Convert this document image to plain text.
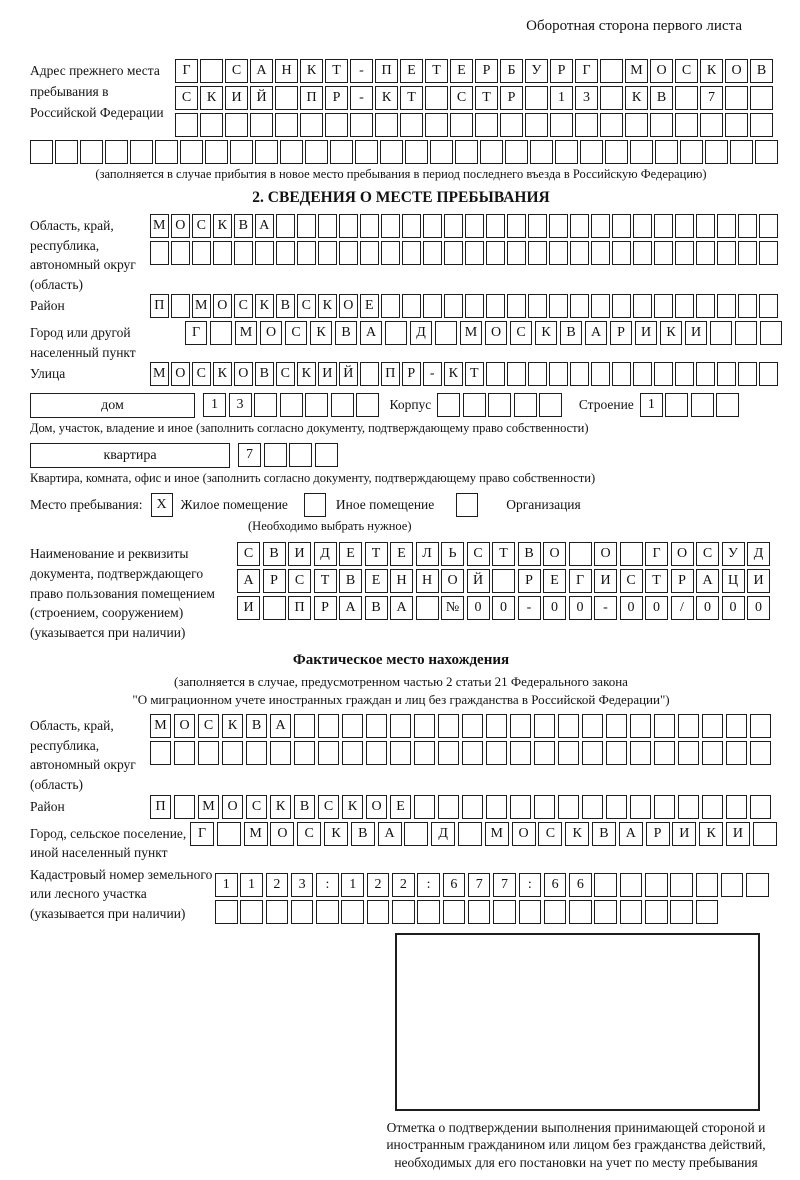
Оборотная сторона первого листа
Адрес прежнего места пребывания в Российской Федерации
Г	С	А	Н	К	Т	-	П	Е	Т	Е	Р	Б	У	Р	Г	М О	С	К	О	В
С	К	И	Й	П	Р	-	К	Т	С	Т	Р	1	3	К	В	7
(заполняется в случае прибытия в новое место пребывания в период последнего въезда в Российскую Федерацию)
2. СВЕДЕНИЯ О МЕСТЕ ПРЕБЫВАНИЯ
Область, край, республика, автономный округ (область)
М О С К В А
Район	П М О С К В С К О Е
Город или другой населенный пункт
Г	М О	С	К	В	А	Д	М О	С	К	В	А	Р	И	К	И
Улица	М О С К О В С К И Й П Р	-	К Т
дом	1	3	Корпус	Строение	1
Дом, участок, владение и иное (заполнить согласно документу, подтверждающему право собственности)
квартира	7
Квартира, комната, офис и иное (заполнить согласно документу, подтверждающему право собственности)
Место пребывания: X	Жилое помещение	Иное помещение	Организация
(Необходимо выбрать нужное)
Наименование и реквизиты документа, подтверждающего право пользования помещением (строением, сооружением) (указывается при наличии)
С	В	И	Д	Е	Т	Е	Л	Ь	С	Т	В	О	О	Г	О	С	У	Д
А	Р	С	Т	В	Е	Н	Н	О	Й	Р	Е	Г	И	С	Т	Р	А	Ц	И
И	П	Р	А	В	А	№	0	0	-	0	0	-	0	0	/	0	0	0
Фактическое место нахождения
(заполняется в случае, предусмотренном частью 2 статьи 21 Федерального закона
"О миграционном учете иностранных граждан и лиц без гражданства в Российской Федерации")
Область, край, республика, автономный округ (область)
М О	С	К	В	А
Район	П	М О	С	К	В	С	К	О	Е
Город, сельское поселение, иной населенный пункт
Г	М	О	С	К	В	А	Д	М	О	С	К	В	А	Р	И	К	И
Кадастровый номер земельного или лесного участка (указывается при наличии)
1	1	2	3	:	1	2	2	:	6	7	7	:	6	6
Отметка о подтверждении выполнения принимающей стороной и иностранным гражданином или лицом без гражданства действий, необходимых для его постановки на учет по месту пребывания
